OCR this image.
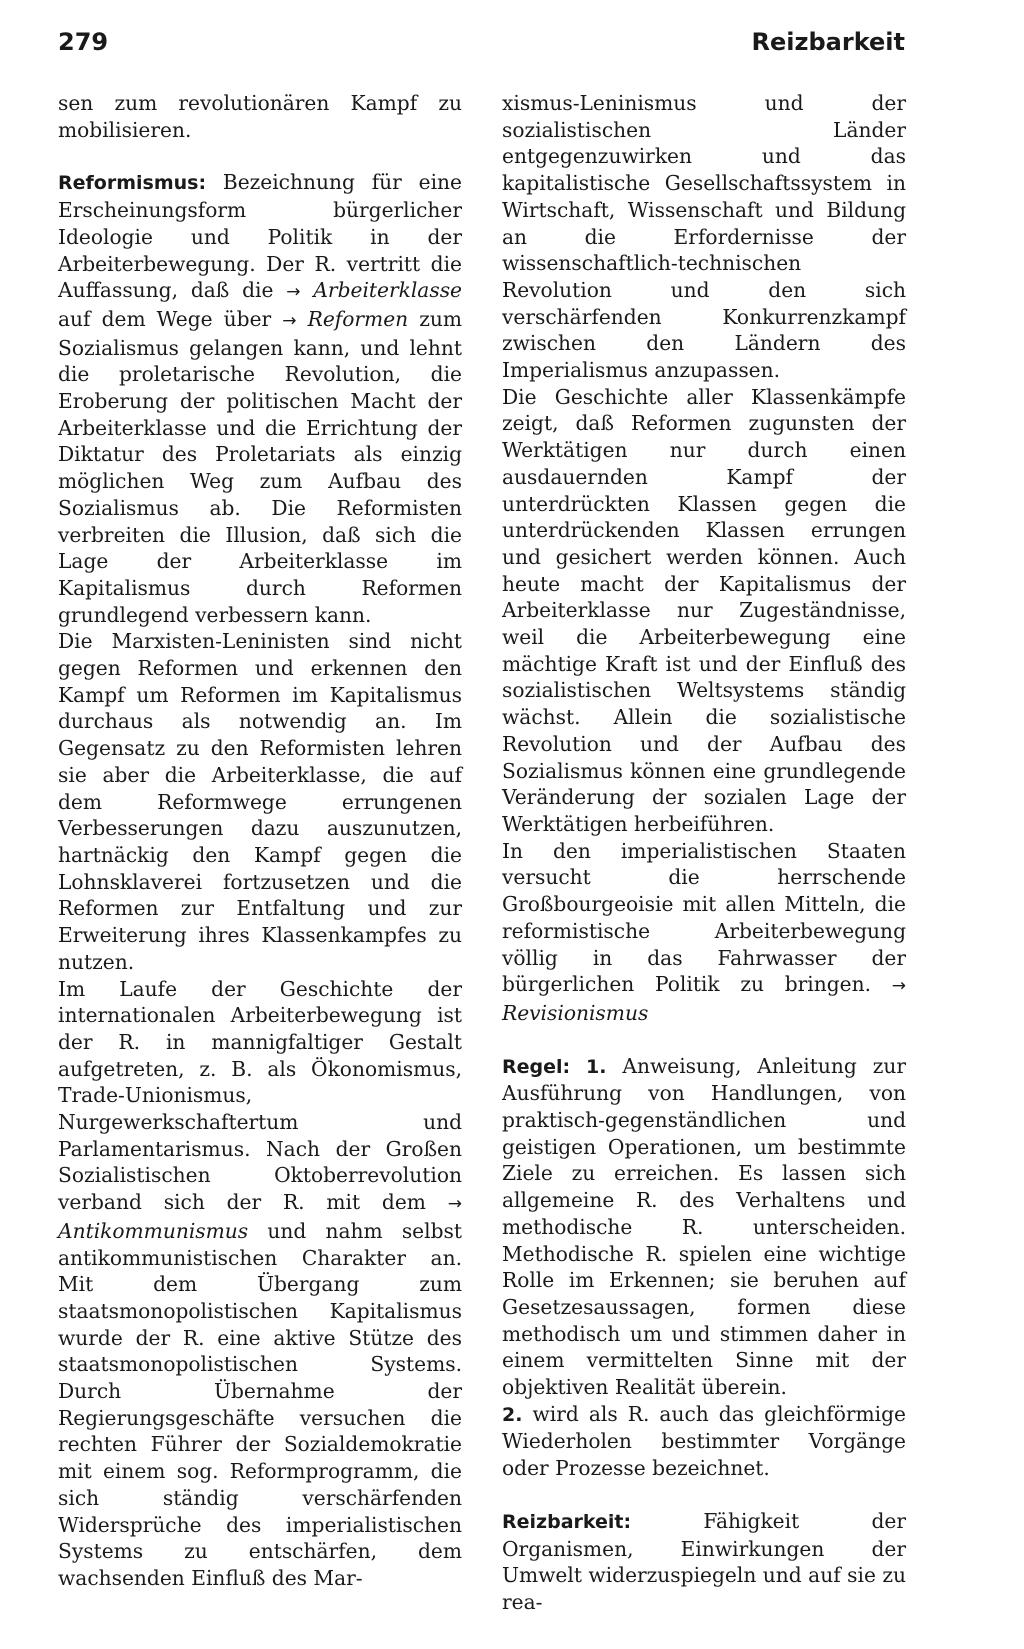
279	Reizbarkeit

sen zum revolutionären Kampf zu mobilisieren.

Reformismus: Bezeichnung für eine Erscheinungsform bürgerlicher Ideologie und Politik in der Arbeiterbewegung. Der R. vertritt die Auffassung, daß die → Arbeiterklasse auf dem Wege über → Reformen zum Sozialismus gelangen kann, und lehnt die proletarische Revolution, die Eroberung der politischen Macht der Arbeiterklasse und die Errichtung der Diktatur des Proletariats als einzig möglichen Weg zum Aufbau des Sozialismus ab. Die Reformisten verbreiten die Illusion, daß sich die Lage der Arbeiterklasse im Kapitalismus durch Reformen grundlegend verbessern kann.

Die Marxisten-Leninisten sind nicht gegen Reformen und erkennen den Kampf um Reformen im Kapitalismus durchaus als notwendig an. Im Gegensatz zu den Reformisten lehren sie aber die Arbeiterklasse, die auf dem Reformwege errungenen Verbesserungen dazu auszunutzen, hartnäckig den Kampf gegen die Lohnsklaverei fortzusetzen und die Reformen zur Entfaltung und zur Erweiterung ihres Klassenkampfes zu nutzen.

Im Laufe der Geschichte der internationalen Arbeiterbewegung ist der R. in mannigfaltiger Gestalt aufgetreten, z. B. als Ökonomismus, Trade-Unionismus, Nurgewerkschaftertum und Parlamentarismus. Nach der Großen Sozialistischen Oktoberrevolution verband sich der R. mit dem → Antikommunismus und nahm selbst antikommunistischen Charakter an. Mit dem Übergang zum staatsmonopolistischen Kapitalismus wurde der R. eine aktive Stütze des staatsmonopolistischen Systems. Durch Übernahme der Regierungsgeschäfte versuchen die rechten Führer der Sozialdemokratie mit einem sog. Reformprogramm, die sich ständig verschärfenden Widersprüche des imperialistischen Systems zu entschärfen, dem wachsenden Einfluß des Mar-

xismus-Leninismus und der sozialistischen Länder entgegenzuwirken und das kapitalistische Gesellschaftssystem in Wirtschaft, Wissenschaft und Bildung an die Erfordernisse der wissenschaftlich-technischen Revolution und den sich verschärfenden Konkurrenzkampf zwischen den Ländern des Imperialismus anzupassen.

Die Geschichte aller Klassenkämpfe zeigt, daß Reformen zugunsten der Werktätigen nur durch einen ausdauernden Kampf der unterdrückten Klassen gegen die unterdrückenden Klassen errungen und gesichert werden können. Auch heute macht der Kapitalismus der Arbeiterklasse nur Zugeständnisse, weil die Arbeiterbewegung eine mächtige Kraft ist und der Einfluß des sozialistischen Weltsystems ständig wächst. Allein die sozialistische Revolution und der Aufbau des Sozialismus können eine grundlegende Veränderung der sozialen Lage der Werktätigen herbeiführen.

In den imperialistischen Staaten versucht die herrschende Großbourgeoisie mit allen Mitteln, die reformistische Arbeiterbewegung völlig in das Fahrwasser der bürgerlichen Politik zu bringen. → Revisionismus

Regel: 1. Anweisung, Anleitung zur Ausführung von Handlungen, von praktisch-gegenständlichen und geistigen Operationen, um bestimmte Ziele zu erreichen. Es lassen sich allgemeine R. des Verhaltens und methodische R. unterscheiden. Methodische R. spielen eine wichtige Rolle im Erkennen; sie beruhen auf Gesetzesaussagen, formen diese methodisch um und stimmen daher in einem vermittelten Sinne mit der objektiven Realität überein.

2. wird als R. auch das gleichförmige Wiederholen bestimmter Vorgänge oder Prozesse bezeichnet.

Reizbarkeit: Fähigkeit der Organismen, Einwirkungen der Umwelt widerzuspiegeln und auf sie zu rea-
